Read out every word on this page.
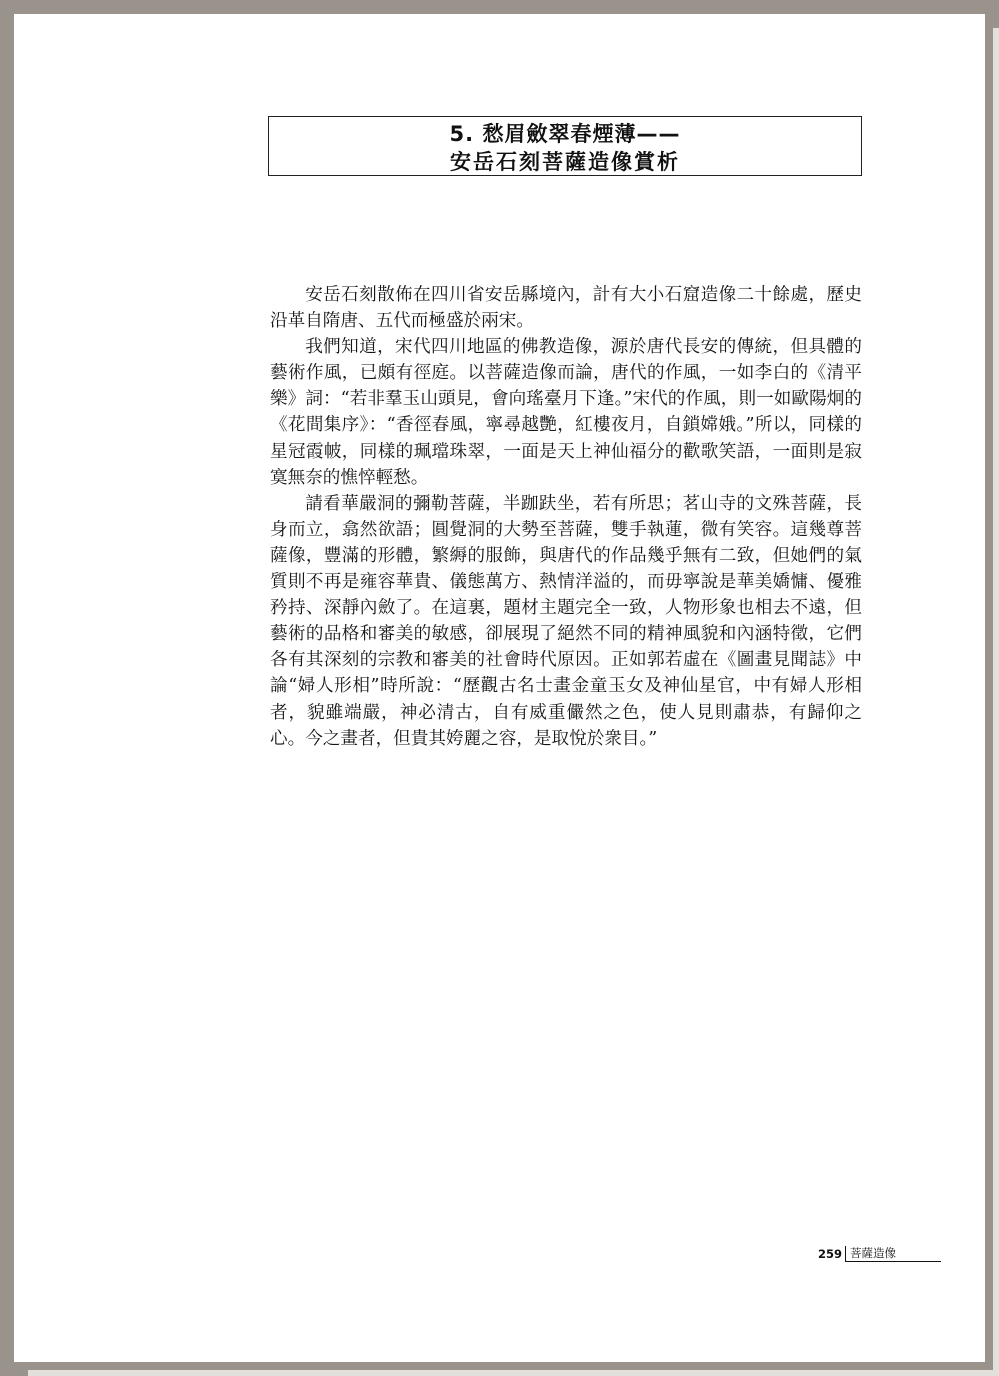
5. 愁眉斂翠春煙薄——
安岳石刻菩薩造像賞析

安岳石刻散佈在四川省安岳縣境內，計有大小石窟造像二十餘處，歷史沿革自隋唐、五代而極盛於兩宋。

我們知道，宋代四川地區的佛教造像，源於唐代長安的傳統，但具體的藝術作風，已頗有徑庭。以菩薩造像而論，唐代的作風，一如李白的《清平樂》詞：“若非羣玉山頭見，會向瑤臺月下逢。”宋代的作風，則一如歐陽炯的《花間集序》：“香徑春風，寧尋越艷，紅樓夜月，自鎖嫦娥。”所以，同樣的星冠霞帔，同樣的珮璫珠翠，一面是天上神仙福分的歡歌笑語，一面則是寂寞無奈的憔悴輕愁。

請看華嚴洞的彌勒菩薩，半跏趺坐，若有所思；茗山寺的文殊菩薩，長身而立，翕然欲語；圓覺洞的大勢至菩薩，雙手執蓮，微有笑容。這幾尊菩薩像，豐滿的形體，繁縟的服飾，與唐代的作品幾乎無有二致，但她們的氣質則不再是雍容華貴、儀態萬方、熱情洋溢的，而毋寧說是華美嬌慵、優雅矜持、深靜內斂了。在這裏，題材主題完全一致，人物形象也相去不遠，但藝術的品格和審美的敏感，卻展現了絕然不同的精神風貌和內涵特徵，它們各有其深刻的宗教和審美的社會時代原因。正如郭若虛在《圖畫見聞誌》中論“婦人形相”時所說：“歷觀古名士畫金童玉女及神仙星官，中有婦人形相者，貌雖端嚴，神必清古，自有威重儼然之色，使人見則肅恭，有歸仰之心。今之畫者，但貴其姱麗之容，是取悅於衆目。”

259 菩薩造像
